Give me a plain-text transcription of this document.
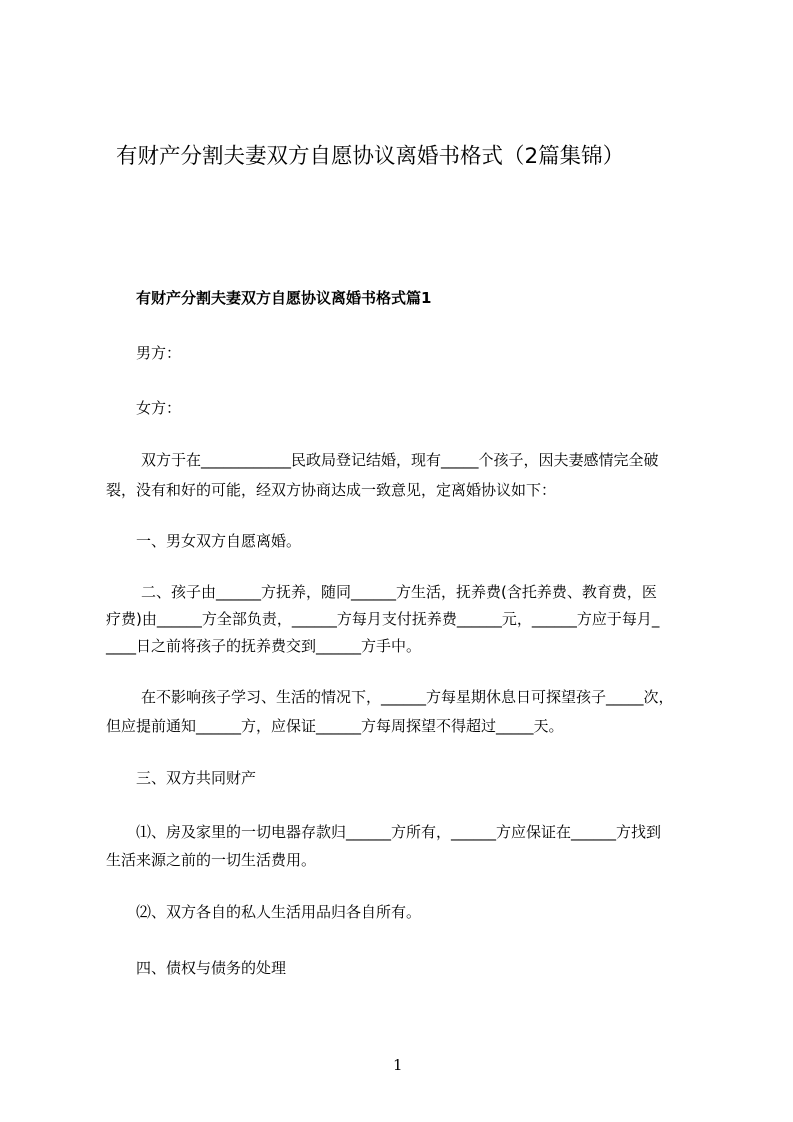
有财产分割夫妻双方自愿协议离婚书格式（2篇集锦）
有财产分割夫妻双方自愿协议离婚书格式篇1
男方：
女方：
双方于在____________民政局登记结婚，现有_____个孩子，因夫妻感情完全破
裂，没有和好的可能，经双方协商达成一致意见，定离婚协议如下：
一、男女双方自愿离婚。
二、孩子由______方抚养，随同______方生活，抚养费(含托养费、教育费，医
疗费)由______方全部负责，______方每月支付抚养费______元，______方应于每月_
____日之前将孩子的抚养费交到______方手中。
在不影响孩子学习、生活的情况下，______方每星期休息日可探望孩子_____次，
但应提前通知______方，应保证______方每周探望不得超过_____天。
三、双方共同财产
⑴、房及家里的一切电器存款归______方所有，______方应保证在______方找到
生活来源之前的一切生活费用。
⑵、双方各自的私人生活用品归各自所有。
四、债权与债务的处理
1
